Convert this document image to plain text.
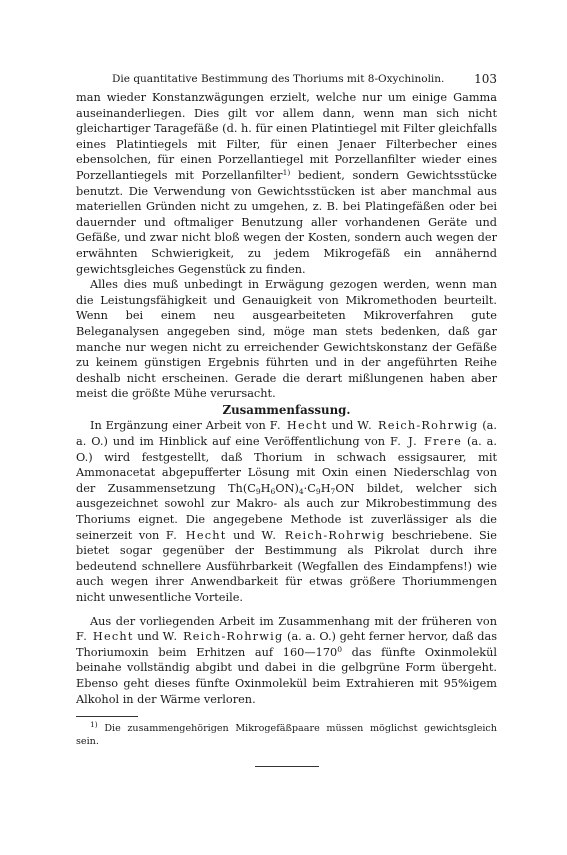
Die quantitative Bestimmung des Thoriums mit 8-Oxychinolin. 103

man wieder Konstanzwägungen erzielt, welche nur um einige Gamma auseinanderliegen. Dies gilt vor allem dann, wenn man sich nicht gleichartiger Taragefäße (d. h. für einen Platintiegel mit Filter gleichfalls eines Platintiegels mit Filter, für einen Jenaer Filterbecher eines ebensolchen, für einen Porzellantiegel mit Porzellanfilter wieder eines Porzellantiegels mit Porzellanfilter$^{1)}$ bedient, sondern Gewichtsstücke benutzt. Die Verwendung von Gewichtsstücken ist aber manchmal aus materiellen Gründen nicht zu umgehen, z. B. bei Platingefäßen oder bei dauernder und oftmaliger Benutzung aller vorhandenen Geräte und Gefäße, und zwar nicht bloß wegen der Kosten, sondern auch wegen der erwähnten Schwierigkeit, zu jedem Mikrogefäß ein annähernd gewichtsgleiches Gegenstück zu finden.

Alles dies muß unbedingt in Erwägung gezogen werden, wenn man die Leistungsfähigkeit und Genauigkeit von Mikromethoden beurteilt. Wenn bei einem neu ausgearbeiteten Mikroverfahren gute Beleganalysen angegeben sind, möge man stets bedenken, daß gar manche nur wegen nicht zu erreichender Gewichtskonstanz der Gefäße zu keinem günstigen Ergebnis führten und in der angeführten Reihe deshalb nicht erscheinen. Gerade die derart mißlungenen haben aber meist die größte Mühe verursacht.

Zusammenfassung.

In Ergänzung einer Arbeit von F. Hecht und W. Reich-Rohrwig (a. a. O.) und im Hinblick auf eine Veröffentlichung von F. J. Frere (a. a. O.) wird festgestellt, daß Thorium in schwach essigsaurer, mit Ammonacetat abgepufferter Lösung mit Oxin einen Niederschlag von der Zusammensetzung $Th(C_9H_6ON)_4\cdot C_9H_7ON$ bildet, welcher sich ausgezeichnet sowohl zur Makro- als auch zur Mikrobestimmung des Thoriums eignet. Die angegebene Methode ist zuverlässiger als die seinerzeit von F. Hecht und W. Reich-Rohrwig beschriebene. Sie bietet sogar gegenüber der Bestimmung als Pikrolat durch ihre bedeutend schnellere Ausführbarkeit (Wegfallen des Eindampfens!) wie auch wegen ihrer Anwendbarkeit für etwas größere Thoriummengen nicht unwesentliche Vorteile.

Aus der vorliegenden Arbeit im Zusammenhang mit der früheren von F. Hecht und W. Reich-Rohrwig (a. a. O.) geht ferner hervor, daß das Thoriumoxin beim Erhitzen auf $160—170^0$ das fünfte Oxinmolekül beinahe vollständig abgibt und dabei in die gelbgrüne Form übergeht. Ebenso geht dieses fünfte Oxinmolekül beim Extrahieren mit 95%igem Alkohol in der Wärme verloren.

$^{1)}$ Die zusammengehörigen Mikrogefäßpaare müssen möglichst gewichtsgleich sein.
